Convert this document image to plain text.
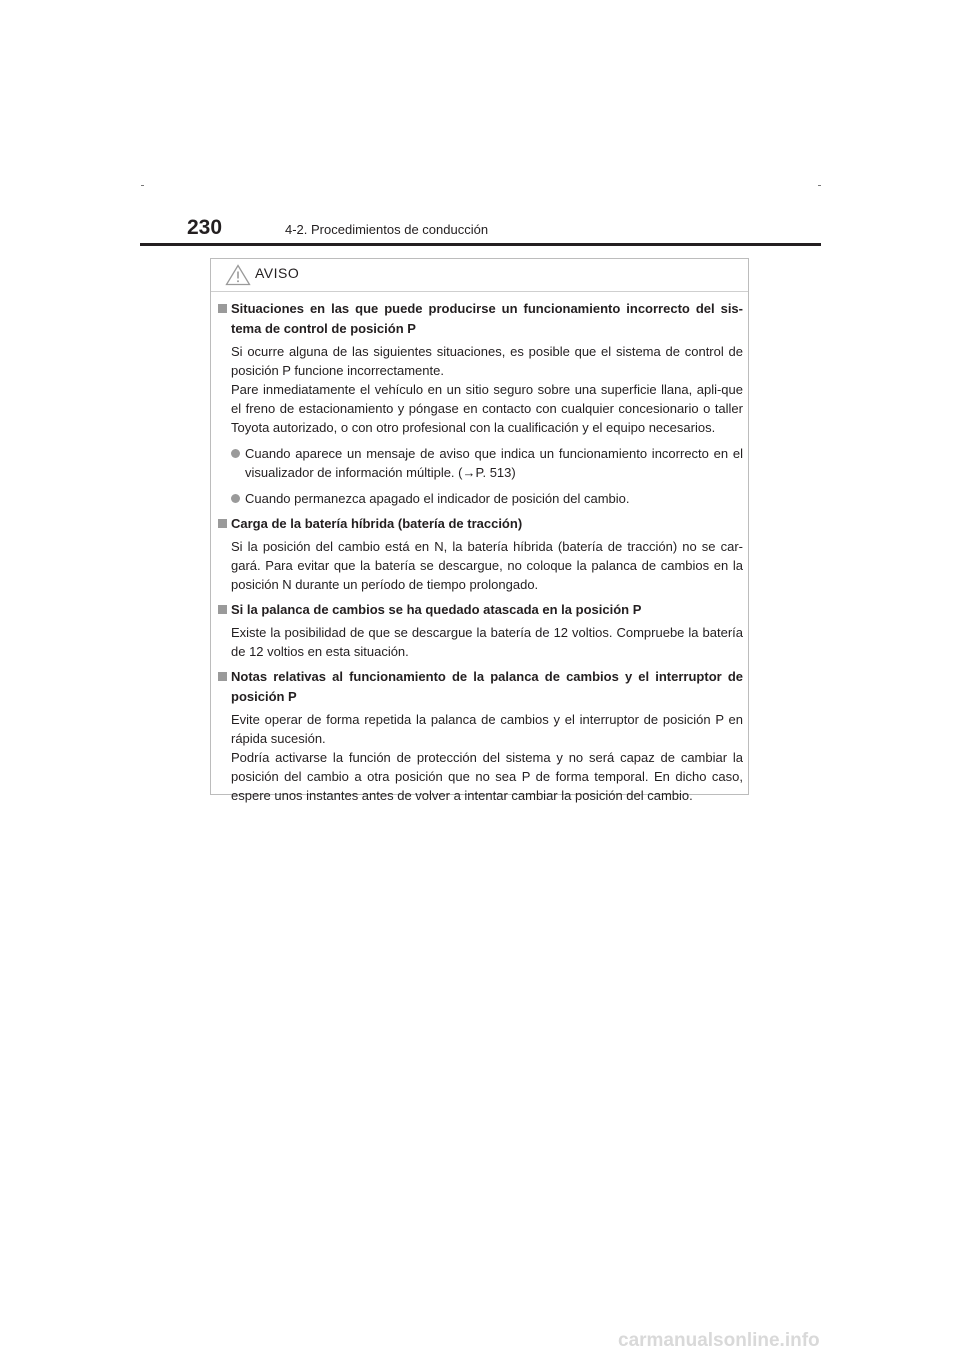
230	4-2. Procedimientos de conducción
AVISO
Situaciones en las que puede producirse un funcionamiento incorrecto del sis-tema de control de posición P
Si ocurre alguna de las siguientes situaciones, es posible que el sistema de control de posición P funcione incorrectamente.
Pare inmediatamente el vehículo en un sitio seguro sobre una superficie llana, apli-que el freno de estacionamiento y póngase en contacto con cualquier concesionario o taller Toyota autorizado, o con otro profesional con la cualificación y el equipo necesarios.
Cuando aparece un mensaje de aviso que indica un funcionamiento incorrecto en el visualizador de información múltiple. (→P. 513)
Cuando permanezca apagado el indicador de posición del cambio.
Carga de la batería híbrida (batería de tracción)
Si la posición del cambio está en N, la batería híbrida (batería de tracción) no se car-gará. Para evitar que la batería se descargue, no coloque la palanca de cambios en la posición N durante un período de tiempo prolongado.
Si la palanca de cambios se ha quedado atascada en la posición P
Existe la posibilidad de que se descargue la batería de 12 voltios. Compruebe la batería de 12 voltios en esta situación.
Notas relativas al funcionamiento de la palanca de cambios y el interruptor de posición P
Evite operar de forma repetida la palanca de cambios y el interruptor de posición P en rápida sucesión.
Podría activarse la función de protección del sistema y no será capaz de cambiar la posición del cambio a otra posición que no sea P de forma temporal. En dicho caso, espere unos instantes antes de volver a intentar cambiar la posición del cambio.
carmanualsonline.info
